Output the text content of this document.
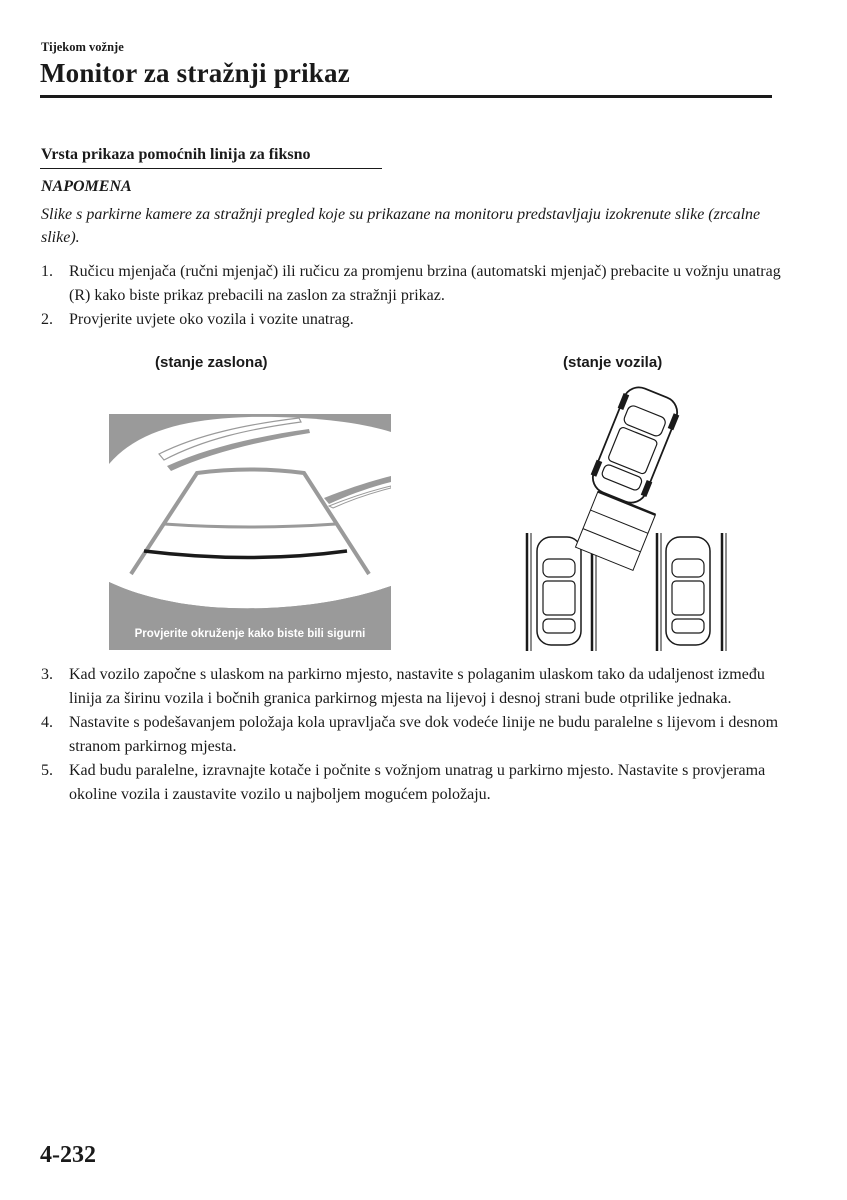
Tijekom vožnje
Monitor za stražnji prikaz
Vrsta prikaza pomoćnih linija za fiksno
NAPOMENA
Slike s parkirne kamere za stražnji pregled koje su prikazane na monitoru predstavljaju izokrenute slike (zrcalne slike).
1.	Ručicu mjenjača (ručni mjenjač) ili ručicu za promjenu brzina (automatski mjenjač) prebacite u vožnju unatrag (R) kako biste prikaz prebacili na zaslon za stražnji prikaz.
2.	Provjerite uvjete oko vozila i vozite unatrag.
(stanje zaslona)	(stanje vozila)
Provjerite okruženje kako biste bili sigurni
3.	Kad vozilo započne s ulaskom na parkirno mjesto, nastavite s polaganim ulaskom tako da udaljenost između linija za širinu vozila i bočnih granica parkirnog mjesta na lijevoj i desnoj strani bude otprilike jednaka.
4.	Nastavite s podešavanjem položaja kola upravljača sve dok vodeće linije ne budu paralelne s lijevom i desnom stranom parkirnog mjesta.
5.	Kad budu paralelne, izravnajte kotače i počnite s vožnjom unatrag u parkirno mjesto. Nastavite s provjerama okoline vozila i zaustavite vozilo u najboljem mogućem položaju.
4-232
